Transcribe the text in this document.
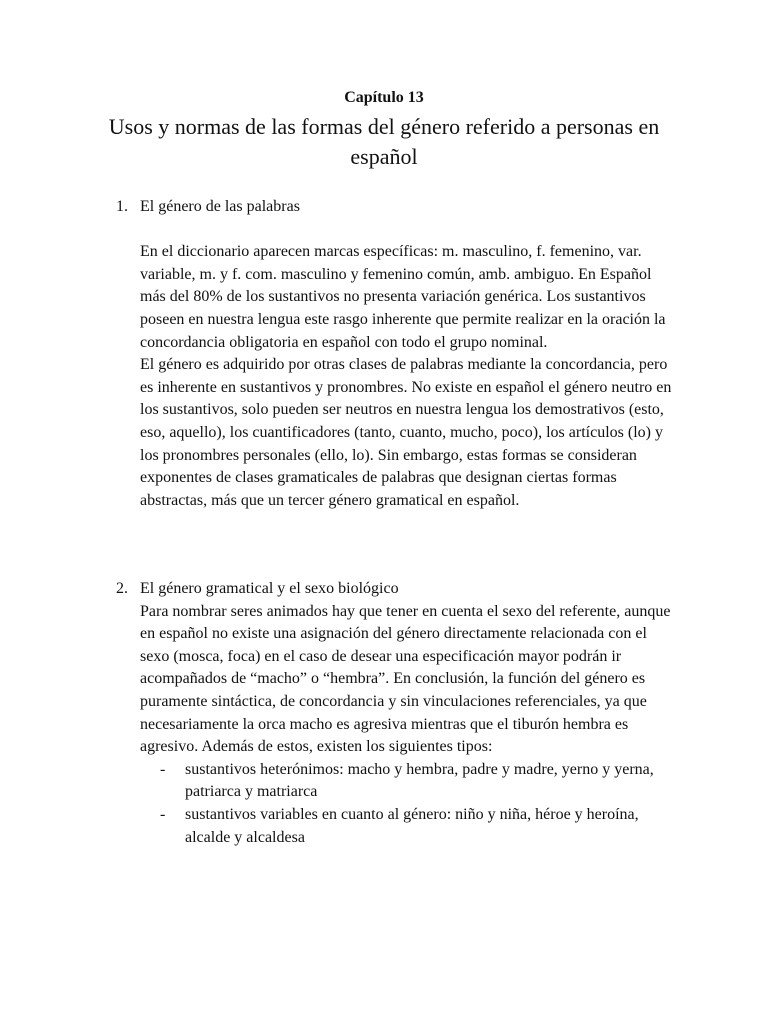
Capítulo 13
Usos y normas de las formas del género referido a personas en español

1. El género de las palabras

En el diccionario aparecen marcas específicas: m. masculino, f. femenino, var. variable, m. y f. com. masculino y femenino común, amb. ambiguo. En Español más del 80% de los sustantivos no presenta variación genérica. Los sustantivos poseen en nuestra lengua este rasgo inherente que permite realizar en la oración la concordancia obligatoria en español con todo el grupo nominal.

El género es adquirido por otras clases de palabras mediante la concordancia, pero es inherente en sustantivos y pronombres. No existe en español el género neutro en los sustantivos, solo pueden ser neutros en nuestra lengua los demostrativos (esto, eso, aquello), los cuantificadores (tanto, cuanto, mucho, poco), los artículos (lo) y los pronombres personales (ello, lo). Sin embargo, estas formas se consideran exponentes de clases gramaticales de palabras que designan ciertas formas abstractas, más que un tercer género gramatical en español.

2. El género gramatical y el sexo biológico

Para nombrar seres animados hay que tener en cuenta el sexo del referente, aunque en español no existe una asignación del género directamente relacionada con el sexo (mosca, foca) en el caso de desear una especificación mayor podrán ir acompañados de “macho” o “hembra”. En conclusión, la función del género es puramente sintáctica, de concordancia y sin vinculaciones referenciales, ya que necesariamente la orca macho es agresiva mientras que el tiburón hembra es agresivo. Además de estos, existen los siguientes tipos:

- sustantivos heterónimos: macho y hembra, padre y madre, yerno y yerna, patriarca y matriarca
- sustantivos variables en cuanto al género: niño y niña, héroe y heroína, alcalde y alcaldesa
